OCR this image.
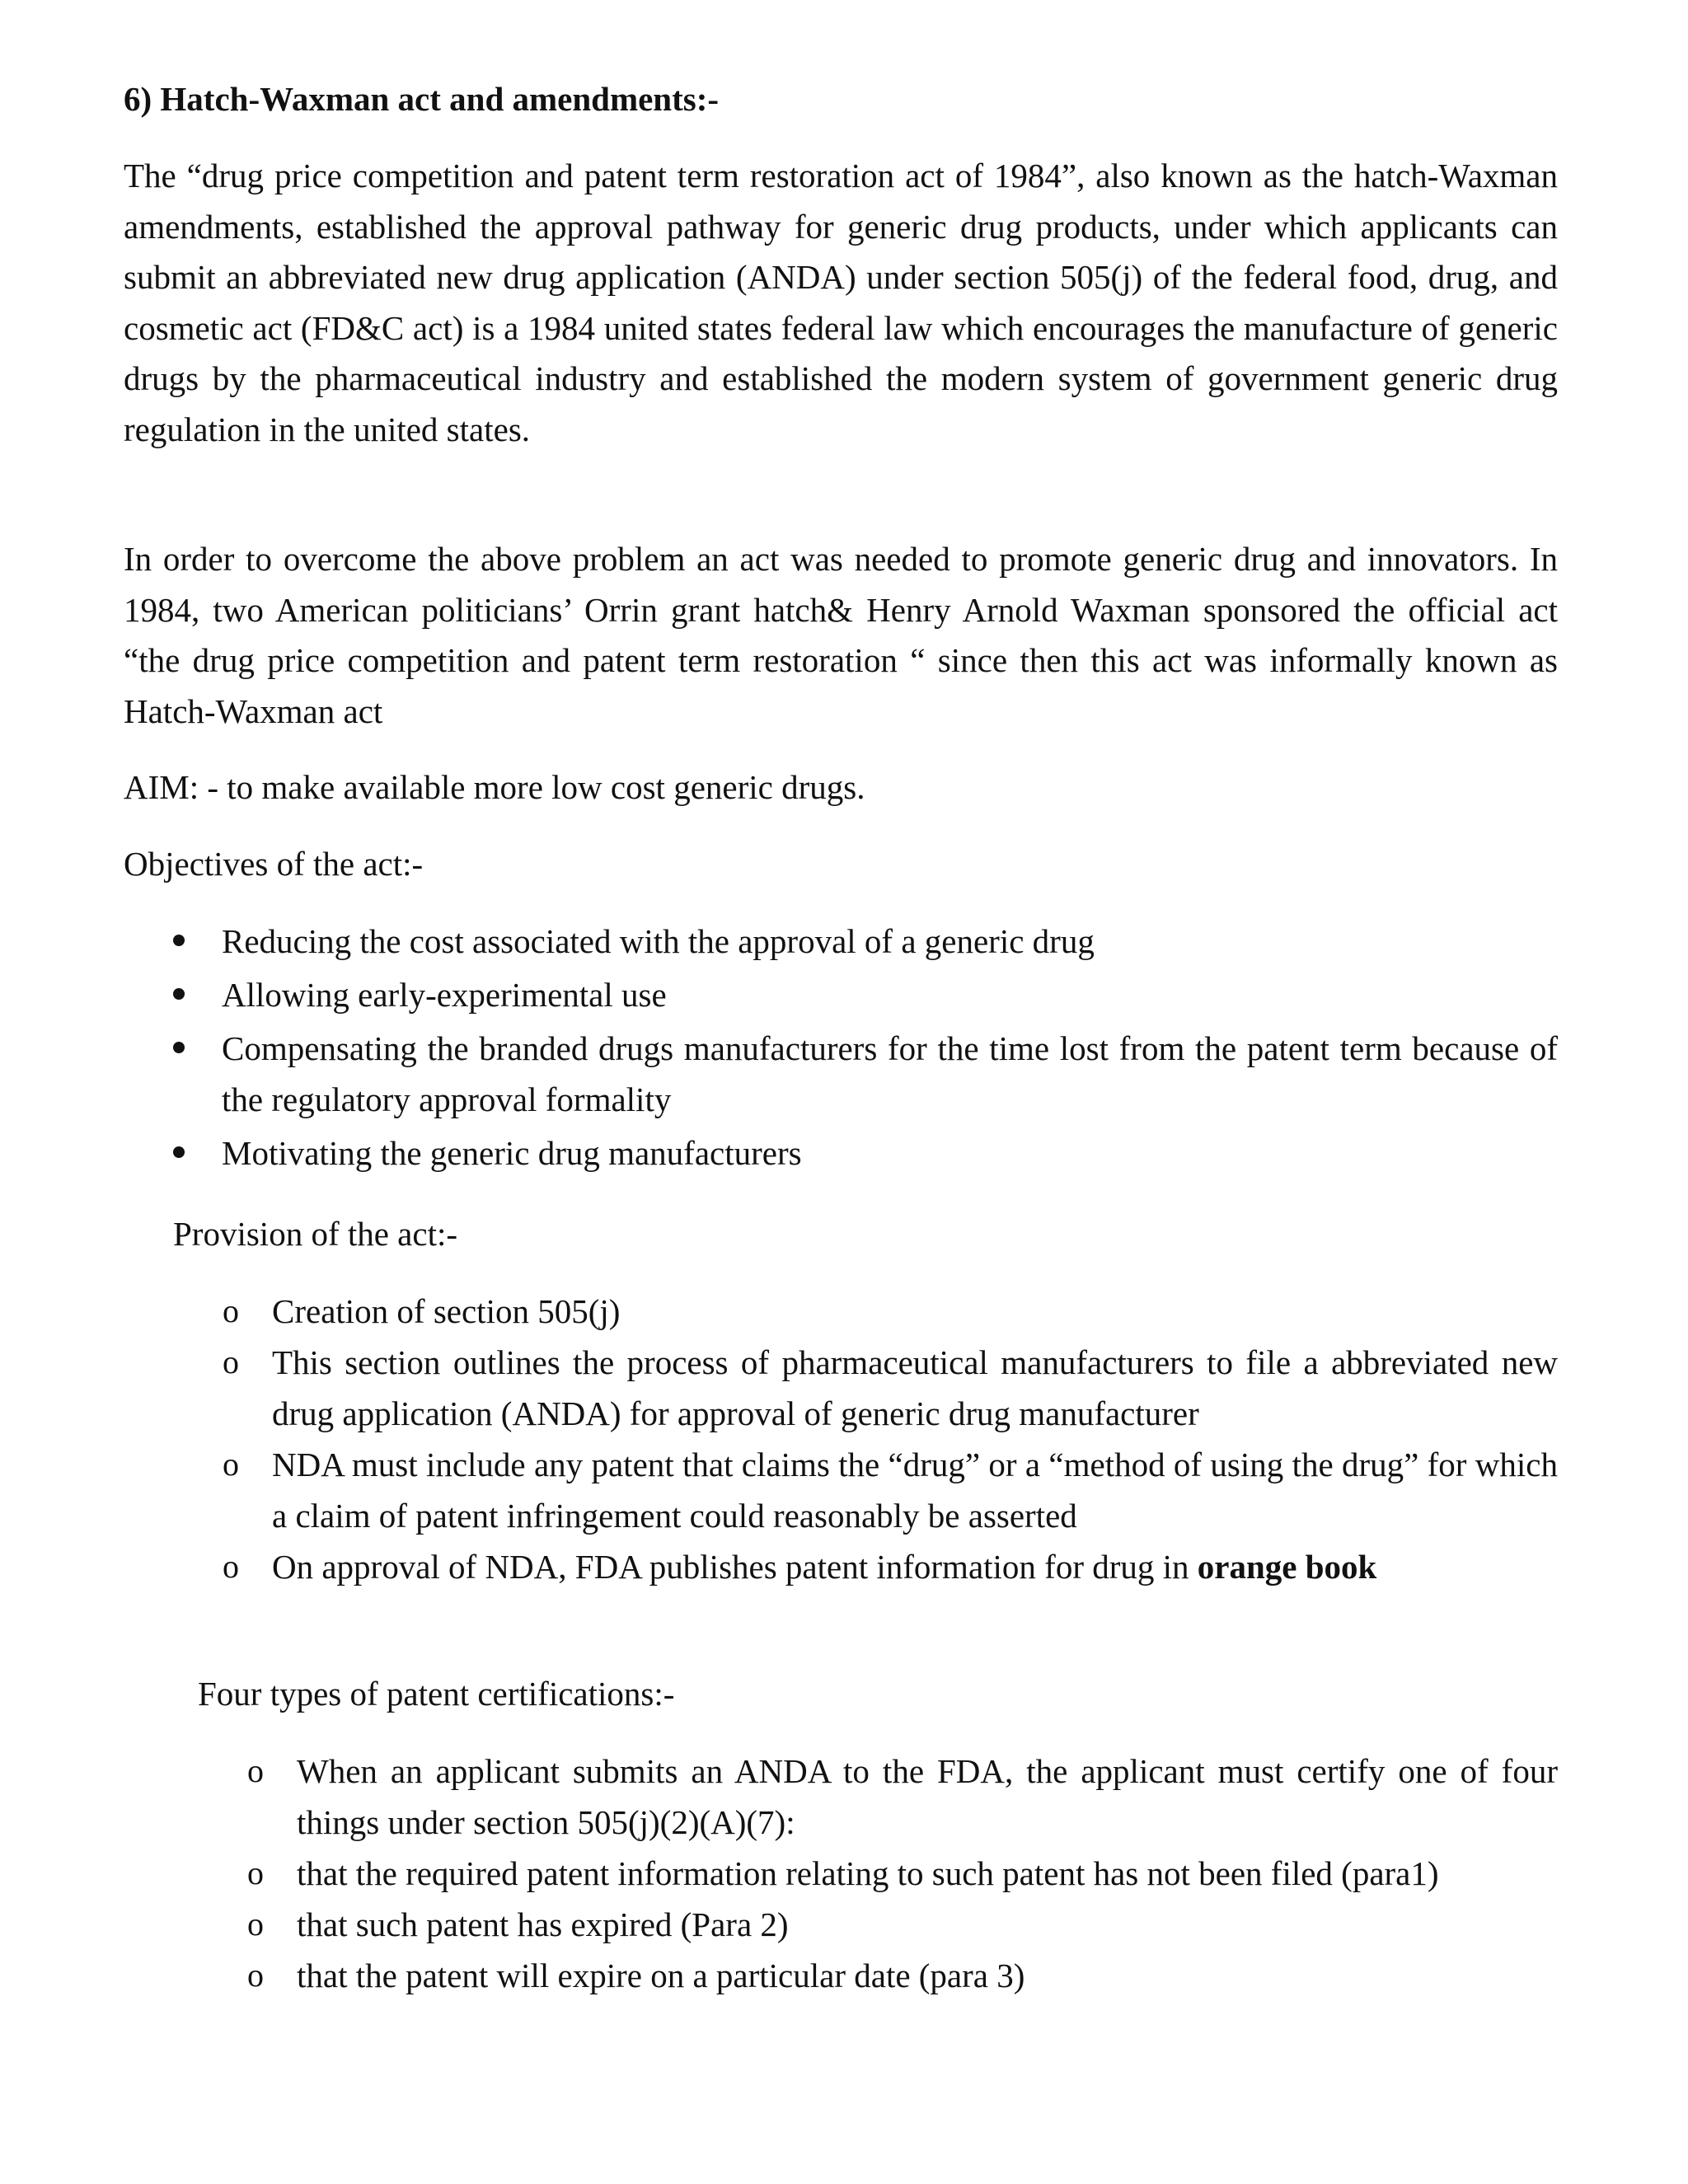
6) Hatch-Waxman act and amendments:-

The “drug price competition and patent term restoration act of 1984”, also known as the hatch-Waxman amendments, established the approval pathway for generic drug products, under which applicants can submit an abbreviated new drug application (ANDA) under section 505(j) of the federal food, drug, and cosmetic act (FD&C act) is a 1984 united states federal law which encourages the manufacture of generic drugs by the pharmaceutical industry and established the modern system of government generic drug regulation in the united states.

In order to overcome the above problem an act was needed to promote generic drug and innovators. In 1984, two American politicians’ Orrin grant hatch& Henry Arnold Waxman sponsored the official act “the drug price competition and patent term restoration “ since then this act was informally known as Hatch-Waxman act

AIM: - to make available more low cost generic drugs.

Objectives of the act:-

Reducing the cost associated with the approval of a generic drug
Allowing early-experimental use
Compensating the branded drugs manufacturers for the time lost from the patent term because of the regulatory approval formality
Motivating the generic drug manufacturers

Provision of the act:-

o Creation of section 505(j)
o This section outlines the process of pharmaceutical manufacturers to file a abbreviated new drug application (ANDA) for approval of generic drug manufacturer
o NDA must include any patent that claims the “drug” or a “method of using the drug” for which a claim of patent infringement could reasonably be asserted
o On approval of NDA, FDA publishes patent information for drug in orange book

Four types of patent certifications:-

o When an applicant submits an ANDA to the FDA, the applicant must certify one of four things under section 505(j)(2)(A)(7):
o that the required patent information relating to such patent has not been filed (para1)
o that such patent has expired (Para 2)
o that the patent will expire on a particular date (para 3)
